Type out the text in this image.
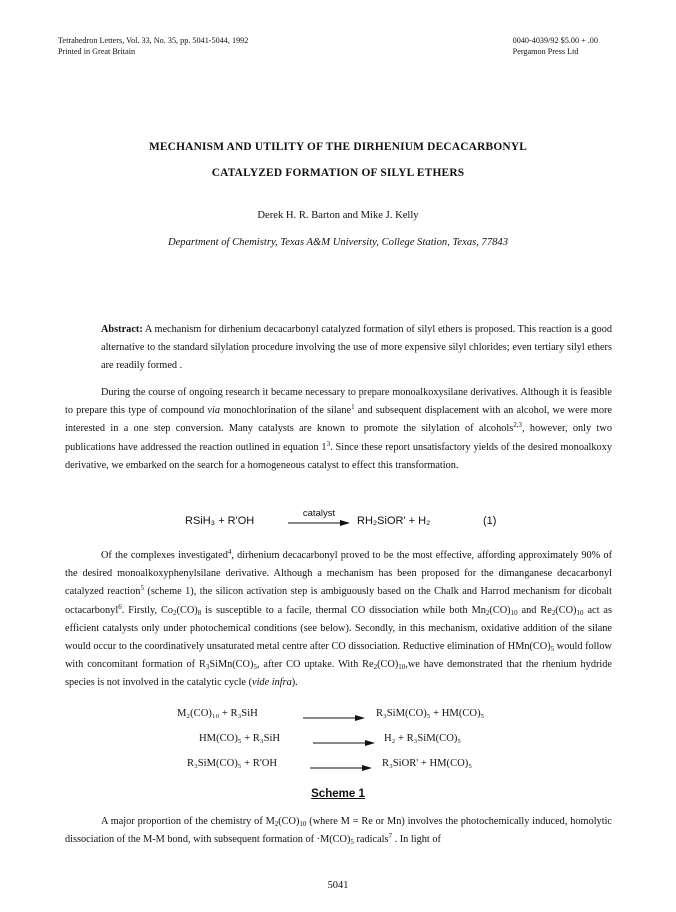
Tetrahedron Letters, Vol. 33, No. 35, pp. 5041-5044, 1992
Printed in Great Britain
0040-4039/92 $5.00 + .00
Pergamon Press Ltd
MECHANISM AND UTILITY OF THE DIRHENIUM DECACARBONYL
CATALYZED FORMATION OF SILYL ETHERS
Derek H. R. Barton and Mike J. Kelly
Department of Chemistry, Texas A&M University, College Station, Texas, 77843

Abstract: A mechanism for dirhenium decacarbonyl catalyzed formation of silyl ethers is proposed. This reaction is a good alternative to the standard silylation procedure involving the use of more expensive silyl chlorides; even tertiary silyl ethers are readily formed .

During the course of ongoing research it became necessary to prepare monoalkoxysilane derivatives. Although it is feasible to prepare this type of compound via monochlorination of the silane$^1$ and subsequent displacement with an alcohol, we were more interested in a one step conversion. Many catalysts are known to promote the silylation of alcohols$^{2,3}$, however, only two publications have addressed the reaction outlined in equation $1^3$. Since these report unsatisfactory yields of the desired monoalkoxy derivative, we embarked on the search for a homogeneous catalyst to effect this transformation.

RSiH₃ + R'OH
catalyst
RH₂SiOR' + H₂	(1)

Of the complexes investigated$^4$, dirhenium decacarbonyl proved to be the most effective, affording approximately 90% of the desired monoalkoxyphenylsilane derivative. Although a mechanism has been proposed for the dimanganese decacarbonyl catalyzed reaction$^5$ (scheme 1), the silicon activation step is ambiguously based on the Chalk and Harrod mechanism for dicobalt octacarbonyl$^6$. Firstly, $Co_2(CO)_8$ is susceptible to a facile, thermal CO dissociation while both $Mn_2(CO)_{10}$ and $Re_2(CO)_{10}$ act as efficient catalysts only under photochemical conditions (see below). Secondly, in this mechanism, oxidative addition of the silane would occur to the coordinatively unsaturated metal centre after CO dissociation. Reductive elimination of $HMn(CO)_5$ would follow with concomitant formation of $R_3SiMn(CO)_5$, after CO uptake. With $Re_2(CO)_{10},we$ have demonstrated that the rhenium hydride species is not involved in the catalytic cycle (vide infra).

M₂(CO)₁₀ + R₃SiH	R₃SiM(CO)₅ + HM(CO)₅
HM(CO)₅ + R₃SiH	H₂ + R₃SiM(CO)₅
R₃SiM(CO)₅ + R'OH	R₃SiOR' + HM(CO)₅
Scheme 1

A major proportion of the chemistry of $M_2(CO)_{10}$ (where M = Re or Mn) involves the photochemically induced, homolytic dissociation of the M-M bond, with subsequent formation of $\cdot M(CO)_5$ radicals$^7$ . In light of

5041
